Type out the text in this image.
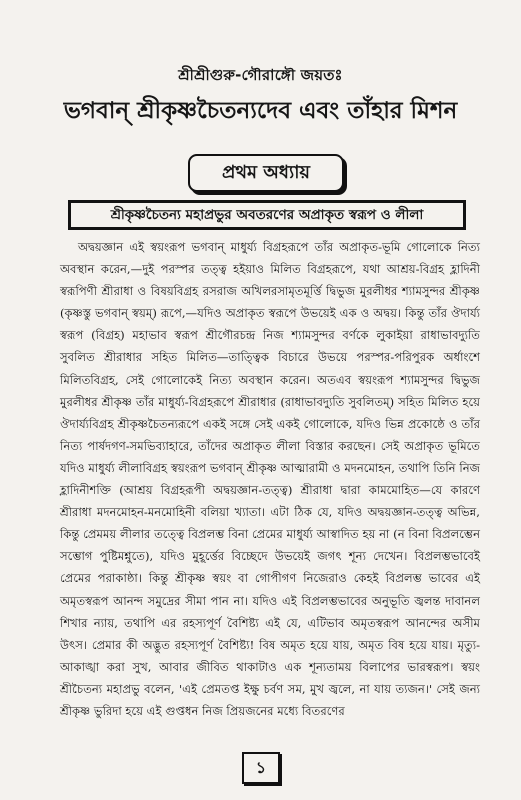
শ্রীশ্রীগুরু-গৌরাঙ্গৌ জয়তঃ
ভগবান্ শ্রীকৃষ্ণচৈতন্যদেব এবং তাঁহার মিশন
প্রথম অধ্যায়
শ্রীকৃষ্ণচৈতন্য মহাপ্রভুর অবতরণের অপ্রাকৃত স্বরূপ ও লীলা

অদ্বয়জ্ঞান এই স্বয়ংরূপ ভগবান্ মাধুর্য্য বিগ্রহরূপে তাঁর অপ্রাকৃত-ভূমি গোলোকে নিত্য অবস্থান করেন,—দুই পরস্পর তত্ত্ব হইয়াও মিলিত বিগ্রহরূপে, যথা আশ্রয়-বিগ্রহ হ্লাদিনী স্বরূপিণী শ্রীরাধা ও বিষয়বিগ্রহ রসরাজ অখিলরসামৃতমূর্ত্তি দ্বিভুজ মুরলীধর শ্যামসুন্দর শ্রীকৃষ্ণ (কৃষ্ণস্তু ভগবান্ স্বয়ম্) রূপে,—যদিও অপ্রাকৃত স্বরূপে উভয়েই এক ও অদ্বয়। কিন্তু তাঁর ঔদার্য্য স্বরূপ (বিগ্রহ) মহাভাব স্বরূপ শ্রীগৌরচন্দ্র নিজ শ্যামসুন্দর বর্ণকে লুকাইয়া রাধাভাবদ্যুতি সুবলিত শ্রীরাধার সহিত মিলিত—তাত্ত্বিক বিচারে উভয়ে পরস্পর-পরিপুরক অর্ধাংশে মিলিতবিগ্রহ, সেই গোলোকেই নিত্য অবস্থান করেন। অতএব স্বয়ংরূপ শ্যামসুন্দর দ্বিভুজ মুরলীধর শ্রীকৃষ্ণ তাঁর মাধুর্য্য-বিগ্রহরূপে শ্রীরাধার (রাধাভাবদ্যুতি সুবলিতম্) সহিত মিলিত হয়ে ঔদার্য্যবিগ্রহ শ্রীকৃষ্ণচৈতন্যরূপে একই সঙ্গে সেই একই গোলোকে, যদিও ভিন্ন প্রকোষ্ঠে ও তাঁর নিত্য পার্ষদগণ-সমভিব্যাহারে, তাঁদের অপ্রাকৃত লীলা বিস্তার করছেন। সেই অপ্রাকৃত ভূমিতে যদিও মাধুর্য্য লীলাবিগ্রহ স্বয়ংরূপ ভগবান্ শ্রীকৃষ্ণ আত্মারামী ও মদনমোহন, তথাপি তিনি নিজ হ্লাদিনীশক্তি (আশ্রয় বিগ্রহরূপী অদ্বয়জ্ঞান-তত্ত্ব) শ্রীরাধা দ্বারা কামমোহিত—যে কারণে শ্রীরাধা মদনমোহন-মনমোহিনী বলিয়া খ্যাতা। এটা ঠিক যে, যদিও অদ্বয়জ্ঞান-তত্ত্ব অভিন্ন, কিন্তু প্রেমময় লীলার তত্ত্বে বিপ্রলম্ভ বিনা প্রেমের মাধুর্য্য আস্বাদিত হয় না (ন বিনা বিপ্রলম্ভেন সম্ভোগ পুষ্টিমশ্নুতে), যদিও মুহূর্ত্তের বিচ্ছেদে উভয়েই জগৎ শূন্য দেখেন। বিপ্রলম্ভভাবেই প্রেমের পরাকাষ্ঠা। কিন্তু শ্রীকৃষ্ণ স্বয়ং বা গোপীগণ নিজেরাও কেহই বিপ্রলম্ভ ভাবের এই অমৃতস্বরূপ আনন্দ সমুদ্রের সীমা পান না। যদিও এই বিপ্রলম্ভভাবের অনুভূতি জ্বলন্ত দাবানল শিখার ন্যায়, তথাপি এর রহস্যপূর্ণ বৈশিষ্ট্য এই যে, এটিভাব অমৃতস্বরূপ আনন্দের অসীম উৎস। প্রেমার কী অদ্ভুত রহস্যপূর্ণ বৈশিষ্ট্য! বিষ অমৃত হয়ে যায়, অমৃত বিষ হয়ে যায়। মৃত্যু-আকাঙ্খা করা সুখ, আবার জীবিত থাকাটাও এক শূন্যতাময় বিলাপের ভারস্বরূপ। স্বয়ং শ্রীচৈতন্য মহাপ্রভু বলেন, 'এই প্রেমতপ্ত ইক্ষু চর্বণ সম, মুখ জ্বলে, না যায় ত্যজন।' সেই জন্য শ্রীকৃষ্ণ ভুরিদা হয়ে এই গুপ্তধন নিজ প্রিয়জনের মধ্যে বিতরণের

১
